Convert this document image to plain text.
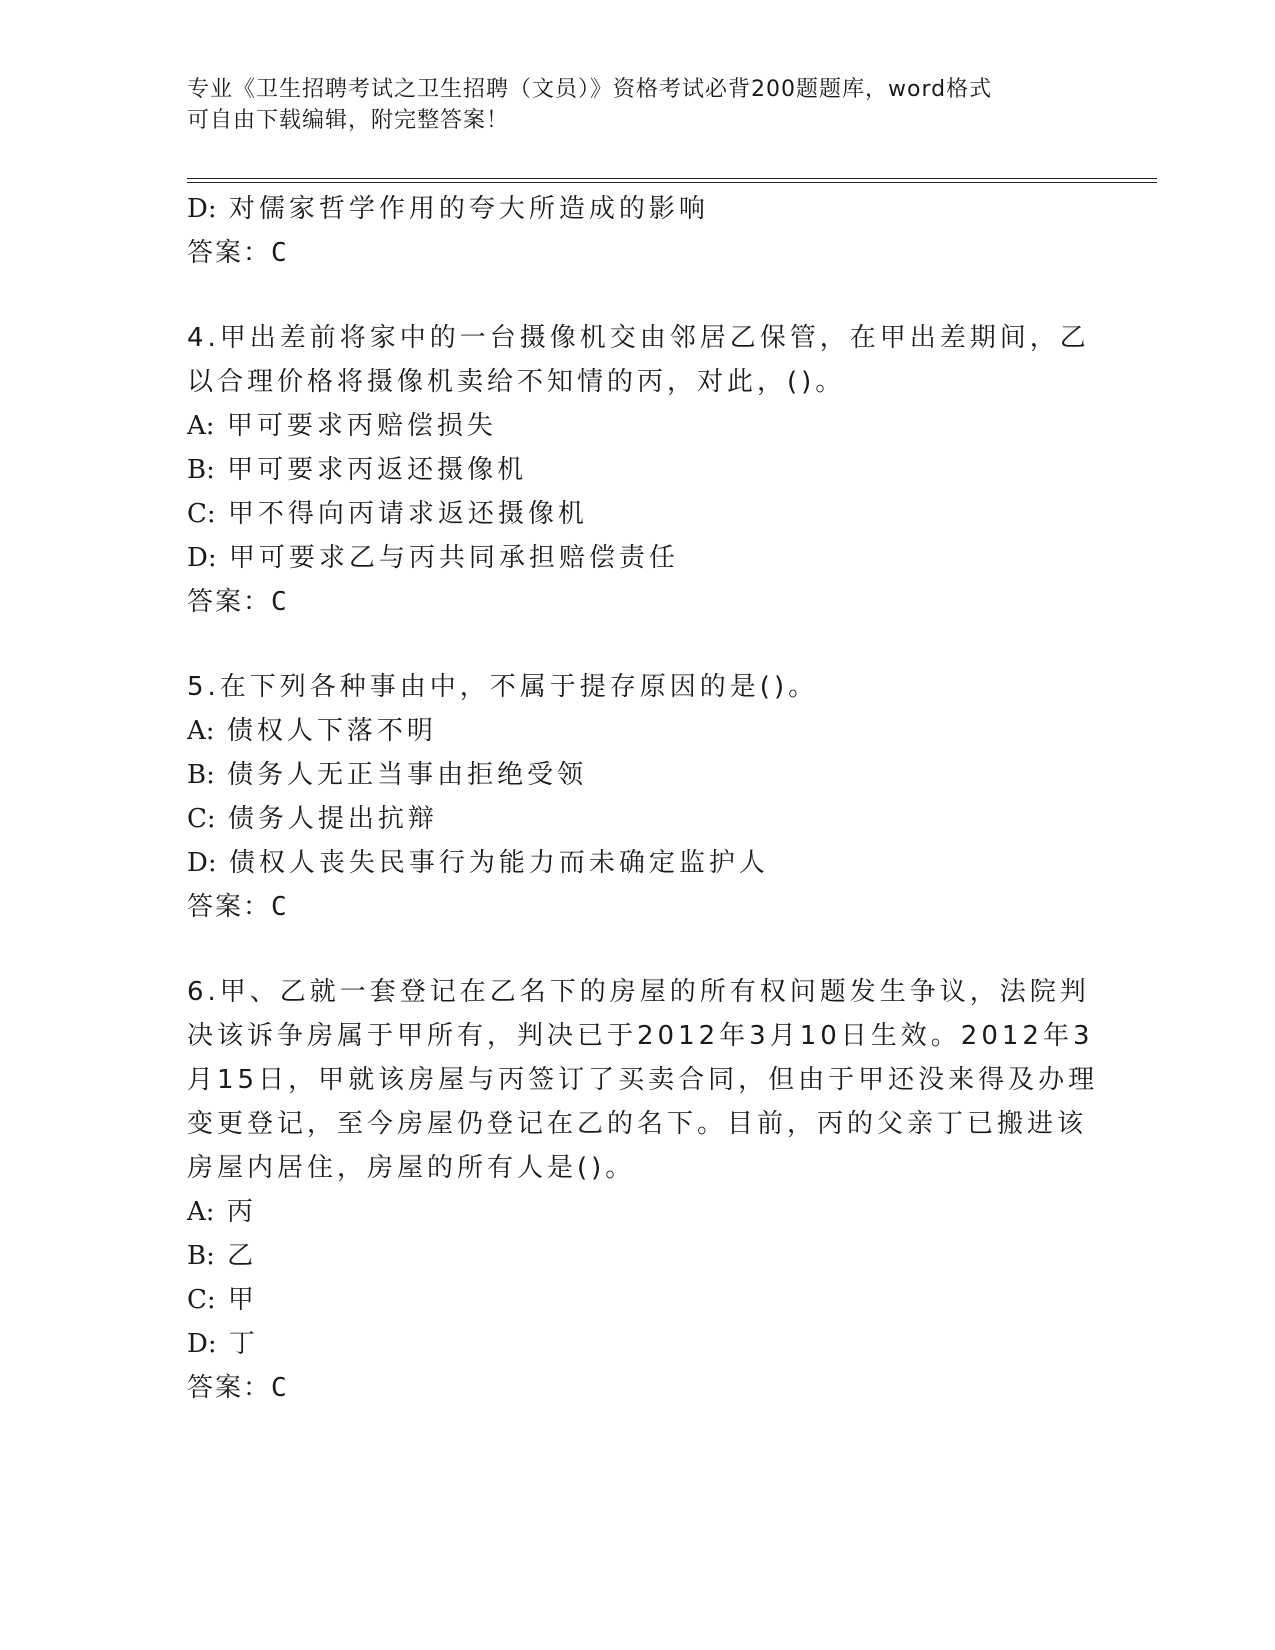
专业《卫生招聘考试之卫生招聘（文员）》资格考试必背200题题库，word格式
可自由下载编辑，附完整答案！
D: 对儒家哲学作用的夸大所造成的影响
答案：C
4.甲出差前将家中的一台摄像机交由邻居乙保管，在甲出差期间，乙
以合理价格将摄像机卖给不知情的丙，对此，()。
A: 甲可要求丙赔偿损失
B: 甲可要求丙返还摄像机
C: 甲不得向丙请求返还摄像机
D: 甲可要求乙与丙共同承担赔偿责任
答案：C
5.在下列各种事由中，不属于提存原因的是()。
A: 债权人下落不明
B: 债务人无正当事由拒绝受领
C: 债务人提出抗辩
D: 债权人丧失民事行为能力而未确定监护人
答案：C
6.甲、乙就一套登记在乙名下的房屋的所有权问题发生争议，法院判
决该诉争房属于甲所有，判决已于2012年3月10日生效。2012年3
月15日，甲就该房屋与丙签订了买卖合同，但由于甲还没来得及办理
变更登记，至今房屋仍登记在乙的名下。目前，丙的父亲丁已搬进该
房屋内居住，房屋的所有人是()。
A: 丙
B: 乙
C: 甲
D: 丁
答案：C
